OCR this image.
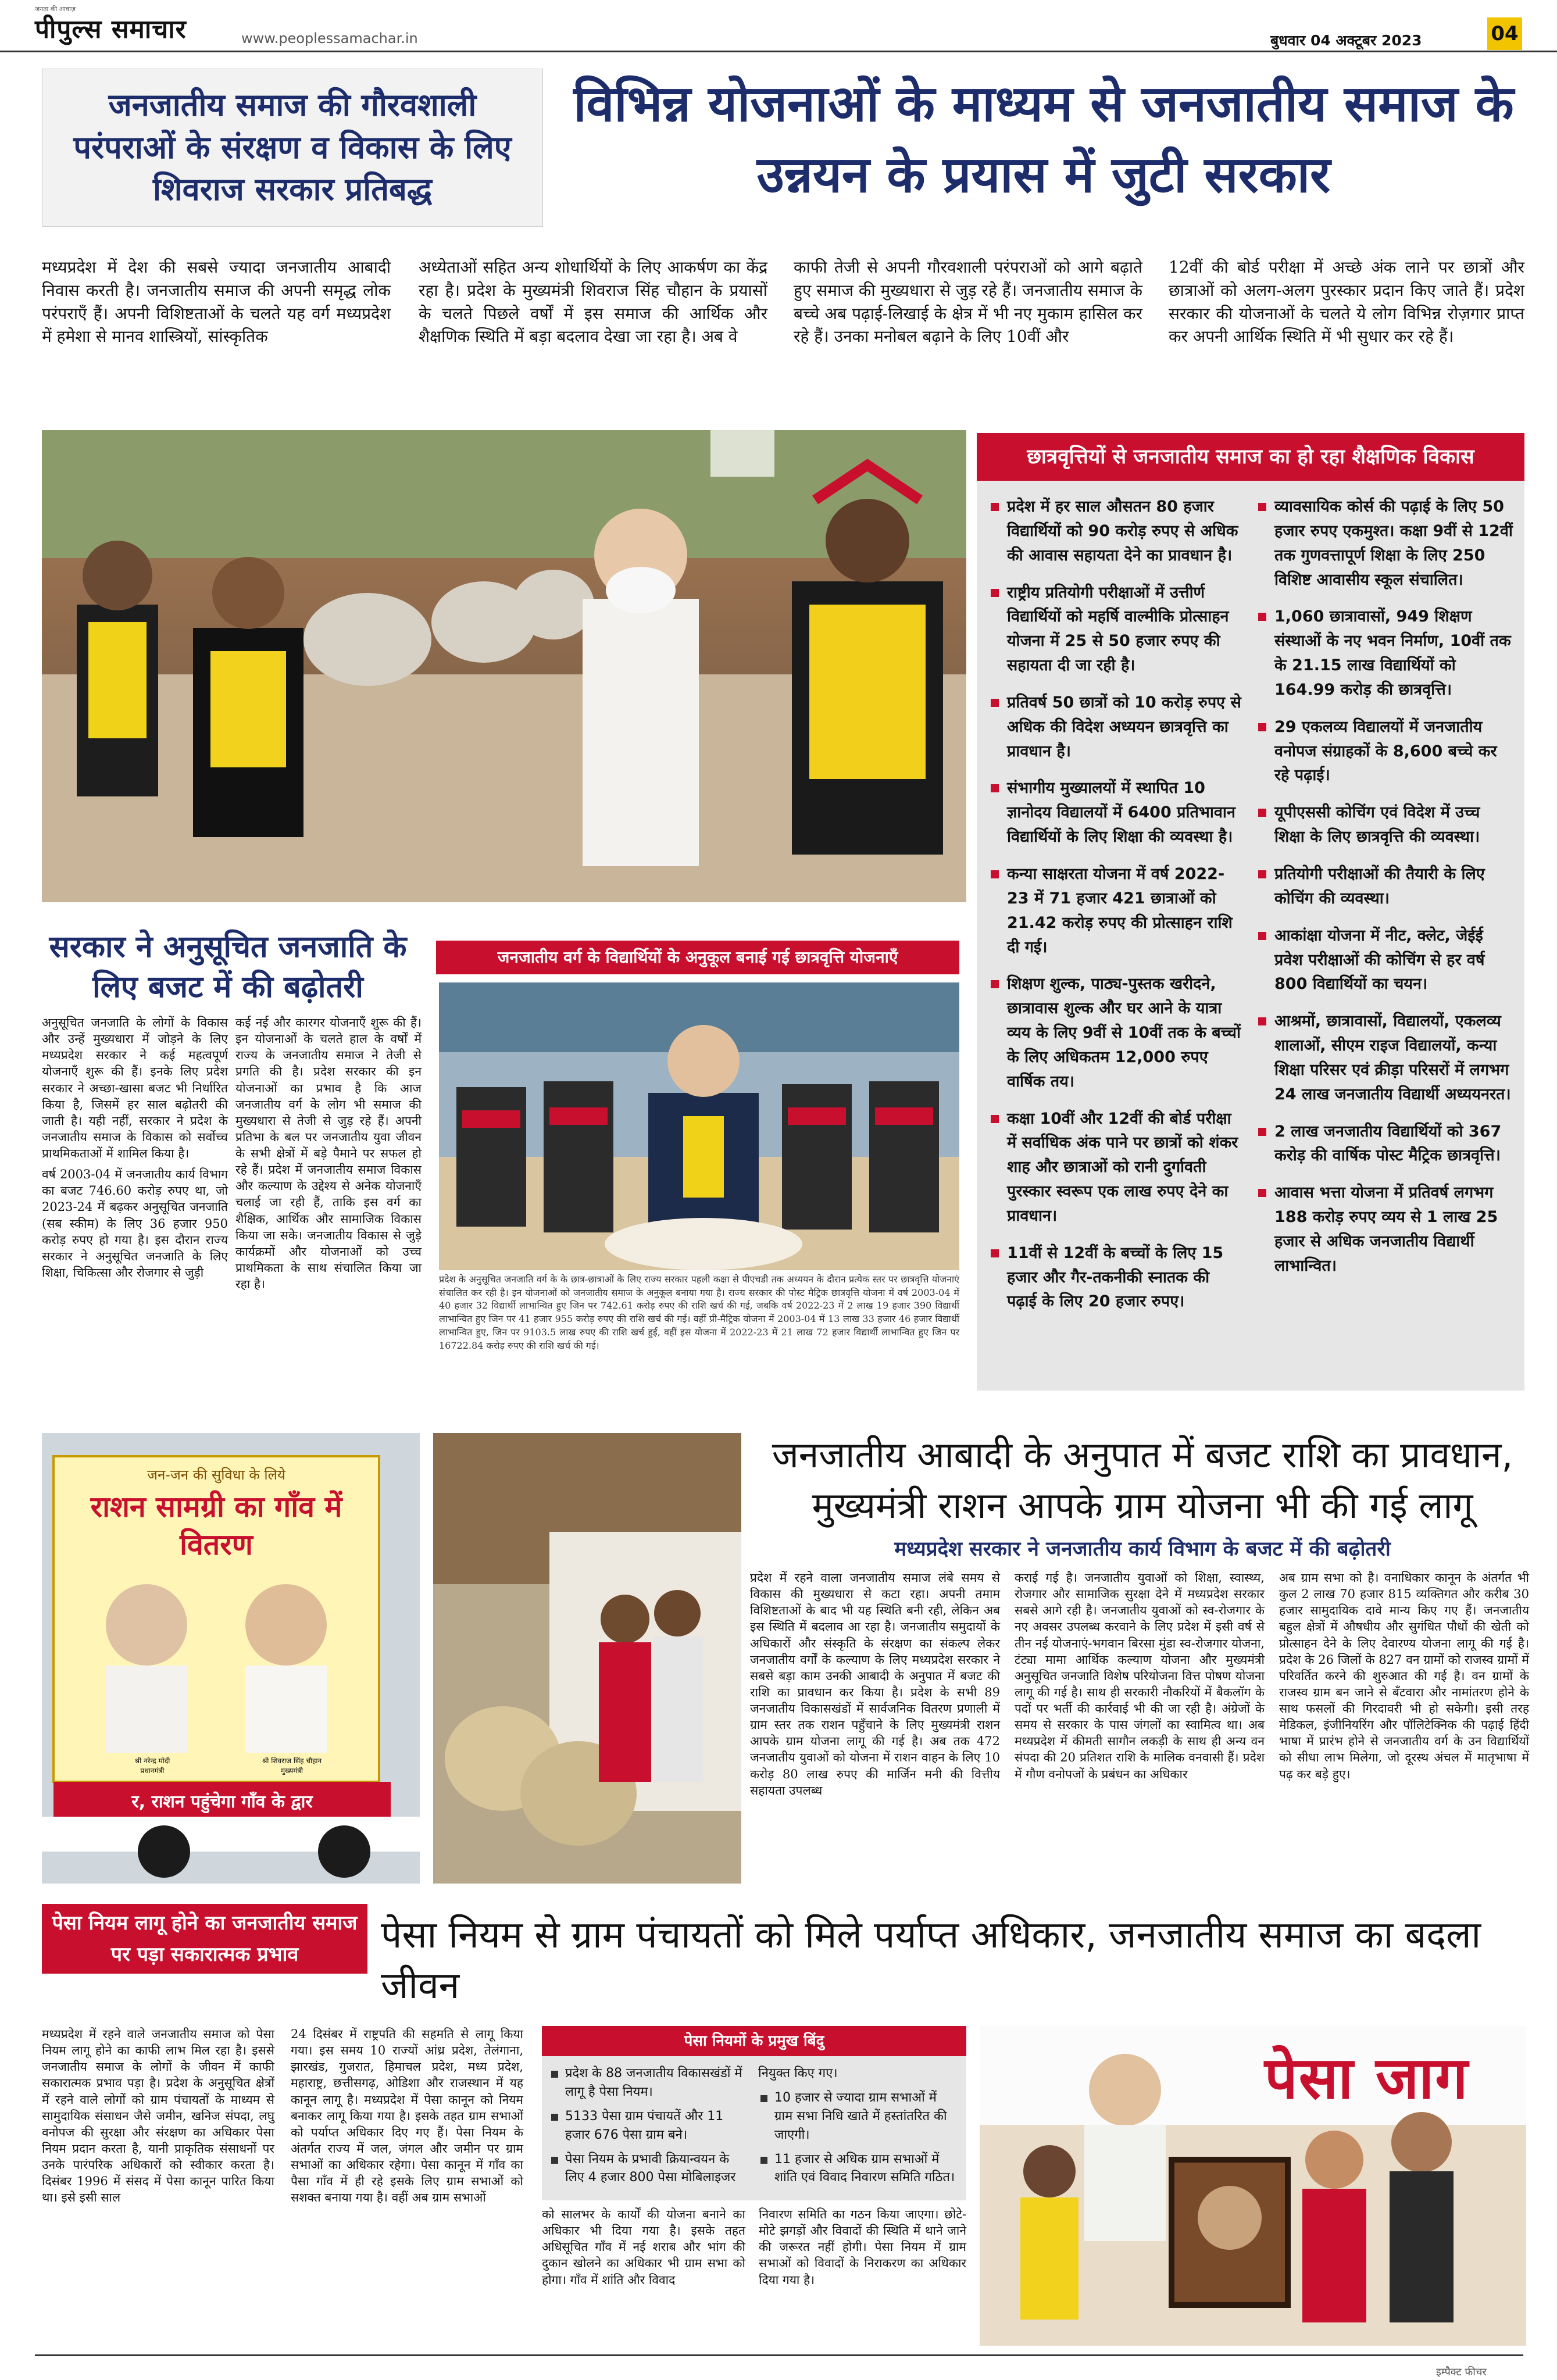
जनता की आवाज़
पीपुल्स समाचार	www.peoplessamachar.in	बुधवार 04 अक्टूबर 2023	04
जनजातीय समाज की गौरवशाली परंपराओं के संरक्षण व विकास के लिए शिवराज सरकार प्रतिबद्ध
विभिन्न योजनाओं के माध्यम से जनजातीय समाज के उन्नयन के प्रयास में जुटी सरकार
मध्यप्रदेश में देश की सबसे ज्यादा जनजातीय आबादी निवास करती है। जनजातीय समाज की अपनी समृद्ध लोक परंपराएँ हैं। अपनी विशिष्टताओं के चलते यह वर्ग मध्यप्रदेश में हमेशा से मानव शास्त्रियों, सांस्कृतिक
अध्येताओं सहित अन्य शोधार्थियों के लिए आकर्षण का केंद्र रहा है। प्रदेश के मुख्यमंत्री शिवराज सिंह चौहान के प्रयासों के चलते पिछले वर्षों में इस समाज की आर्थिक और शैक्षणिक स्थिति में बड़ा बदलाव देखा जा रहा है। अब वे
काफी तेजी से अपनी गौरवशाली परंपराओं को आगे बढ़ाते हुए समाज की मुख्यधारा से जुड़ रहे हैं। जनजातीय समाज के बच्चे अब पढ़ाई-लिखाई के क्षेत्र में भी नए मुकाम हासिल कर रहे हैं। उनका मनोबल बढ़ाने के लिए 10वीं और
12वीं की बोर्ड परीक्षा में अच्छे अंक लाने पर छात्रों और छात्राओं को अलग-अलग पुरस्कार प्रदान किए जाते हैं। प्रदेश सरकार की योजनाओं के चलते ये लोग विभिन्न रोज़गार प्राप्त कर अपनी आर्थिक स्थिति में भी सुधार कर रहे हैं।
छात्रवृत्तियों से जनजातीय समाज का हो रहा शैक्षणिक विकास
प्रदेश में हर साल औसतन 80 हजार विद्यार्थियों को 90 करोड़ रुपए से अधिक की आवास सहायता देने का प्रावधान है।
राष्ट्रीय प्रतियोगी परीक्षाओं में उत्तीर्ण विद्यार्थियों को महर्षि वाल्मीकि प्रोत्साहन योजना में 25 से 50 हजार रुपए की सहायता दी जा रही है।
प्रतिवर्ष 50 छात्रों को 10 करोड़ रुपए से अधिक की विदेश अध्ययन छात्रवृत्ति का प्रावधान है।
संभागीय मुख्यालयों में स्थापित 10 ज्ञानोदय विद्यालयों में 6400 प्रतिभावान विद्यार्थियों के लिए शिक्षा की व्यवस्था है।
कन्या साक्षरता योजना में वर्ष 2022-23 में 71 हजार 421 छात्राओं को 21.42 करोड़ रुपए की प्रोत्साहन राशि दी गई।
शिक्षण शुल्क, पाठ्य-पुस्तक खरीदने, छात्रावास शुल्क और घर आने के यात्रा व्यय के लिए 9वीं से 10वीं तक के बच्चों के लिए अधिकतम 12,000 रुपए वार्षिक तय।
कक्षा 10वीं और 12वीं की बोर्ड परीक्षा में सर्वाधिक अंक पाने पर छात्रों को शंकर शाह और छात्राओं को रानी दुर्गावती पुरस्कार स्वरूप एक लाख रुपए देने का प्रावधान।
11वीं से 12वीं के बच्चों के लिए 15 हजार और गैर-तकनीकी स्नातक की पढ़ाई के लिए 20 हजार रुपए।
व्यावसायिक कोर्स की पढ़ाई के लिए 50 हजार रुपए एकमुश्त। कक्षा 9वीं से 12वीं तक गुणवत्तापूर्ण शिक्षा के लिए 250 विशिष्ट आवासीय स्कूल संचालित।
1,060 छात्रावासों, 949 शिक्षण संस्थाओं के नए भवन निर्माण, 10वीं तक के 21.15 लाख विद्यार्थियों को 164.99 करोड़ की छात्रवृत्ति।
29 एकलव्य विद्यालयों में जनजातीय वनोपज संग्राहकों के 8,600 बच्चे कर रहे पढ़ाई।
यूपीएससी कोचिंग एवं विदेश में उच्च शिक्षा के लिए छात्रवृत्ति की व्यवस्था।
प्रतियोगी परीक्षाओं की तैयारी के लिए कोचिंग की व्यवस्था।
आकांक्षा योजना में नीट, क्लेट, जेईई प्रवेश परीक्षाओं की कोचिंग से हर वर्ष 800 विद्यार्थियों का चयन।
आश्रमों, छात्रावासों, विद्यालयों, एकलव्य शालाओं, सीएम राइज विद्यालयों, कन्या शिक्षा परिसर एवं क्रीड़ा परिसरों में लगभग 24 लाख जनजातीय विद्यार्थी अध्ययनरत।
2 लाख जनजातीय विद्यार्थियों को 367 करोड़ की वार्षिक पोस्ट मैट्रिक छात्रवृत्ति।
आवास भत्ता योजना में प्रतिवर्ष लगभग 188 करोड़ रुपए व्यय से 1 लाख 25 हजार से अधिक जनजातीय विद्यार्थी लाभान्वित।
सरकार ने अनुसूचित जनजाति के लिए बजट में की बढ़ोतरी

अनुसूचित जनजाति के लोगों के विकास और उन्हें मुख्यधारा में जोड़ने के लिए मध्यप्रदेश सरकार ने कई महत्वपूर्ण योजनाएँ शुरू की हैं। इनके लिए प्रदेश सरकार ने अच्छा-खासा बजट भी निर्धारित किया है, जिसमें हर साल बढ़ोतरी की जाती है। यही नहीं, सरकार ने प्रदेश के जनजातीय समाज के विकास को सर्वोच्च प्राथमिकताओं में शामिल किया है।

वर्ष 2003-04 में जनजातीय कार्य विभाग का बजट 746.60 करोड़ रुपए था, जो 2023-24 में बढ़कर अनुसूचित जनजाति (सब स्कीम) के लिए 36 हजार 950 करोड़ रुपए हो गया है। इस दौरान राज्य सरकार ने अनुसूचित जनजाति के लिए शिक्षा, चिकित्सा और रोजगार से जुड़ी

कई नई और कारगर योजनाएँ शुरू की हैं। इन योजनाओं के चलते हाल के वर्षों में राज्य के जनजातीय समाज ने तेजी से प्रगति की है। प्रदेश सरकार की इन योजनाओं का प्रभाव है कि आज जनजातीय वर्ग के लोग भी समाज की मुख्यधारा से तेजी से जुड़ रहे हैं। अपनी प्रतिभा के बल पर जनजातीय युवा जीवन के सभी क्षेत्रों में बड़े पैमाने पर सफल हो रहे हैं। प्रदेश में जनजातीय समाज विकास और कल्याण के उद्देश्य से अनेक योजनाएँ चलाई जा रही हैं, ताकि इस वर्ग का शैक्षिक, आर्थिक और सामाजिक विकास किया जा सके। जनजातीय विकास से जुड़े कार्यक्रमों और योजनाओं को उच्च प्राथमिकता के साथ संचालित किया जा रहा है।
जनजातीय वर्ग के विद्यार्थियों के अनुकूल बनाई गई छात्रवृत्ति योजनाएँ
प्रदेश के अनुसूचित जनजाति वर्ग के के छात्र-छात्राओं के लिए राज्य सरकार पहली कक्षा से पीएचडी तक अध्ययन के दौरान प्रत्येक स्तर पर छात्रवृत्ति योजनाएं संचालित कर रही है। इन योजनाओं को जनजातीय समाज के अनुकूल बनाया गया है। राज्य सरकार की पोस्ट मैट्रिक छात्रवृत्ति योजना में वर्ष 2003-04 में 40 हजार 32 विद्यार्थी लाभान्वित हुए जिन पर 742.61 करोड़ रुपए की राशि खर्च की गई, जबकि वर्ष 2022-23 में 2 लाख 19 हजार 390 विद्यार्थी लाभान्वित हुए जिन पर 41 हजार 955 करोड़ रुपए की राशि खर्च की गई। वहीं प्री-मैट्रिक योजना में 2003-04 में 13 लाख 33 हजार 46 हजार विद्यार्थी लाभान्वित हुए, जिन पर 9103.5 लाख रुपए की राशि खर्च हुई, वहीं इस योजना में 2022-23 में 21 लाख 72 हजार विद्यार्थी लाभान्वित हुए जिन पर 16722.84 करोड़ रुपए की राशि खर्च की गई।
जन-जन की सुविधा के लिये
राशन सामग्री का गाँव में वितरण
श्री नरेन्द्र मोदी
प्रधानमंत्री
श्री शिवराज सिंह चौहान
मुख्यमंत्री
र, राशन पहुंचेगा गाँव के द्वार
जनजातीय आबादी के अनुपात में बजट राशि का प्रावधान, मुख्यमंत्री राशन आपके ग्राम योजना भी की गई लागू
मध्यप्रदेश सरकार ने जनजातीय कार्य विभाग के बजट में की बढ़ोतरी
प्रदेश में रहने वाला जनजातीय समाज लंबे समय से विकास की मुख्यधारा से कटा रहा। अपनी तमाम विशिष्टताओं के बाद भी यह स्थिति बनी रही, लेकिन अब इस स्थिति में बदलाव आ रहा है। जनजातीय समुदायों के अधिकारों और संस्कृति के संरक्षण का संकल्प लेकर जनजातीय वर्गों के कल्याण के लिए मध्यप्रदेश सरकार ने सबसे बड़ा काम उनकी आबादी के अनुपात में बजट की राशि का प्रावधान कर किया है। प्रदेश के सभी 89 जनजातीय विकासखंडों में सार्वजनिक वितरण प्रणाली में ग्राम स्तर तक राशन पहुँचाने के लिए मुख्यमंत्री राशन आपके ग्राम योजना लागू की गई है। अब तक 472 जनजातीय युवाओं को योजना में राशन वाहन के लिए 10 करोड़ 80 लाख रुपए की मार्जिन मनी की वित्तीय सहायता उपलब्ध
कराई गई है। जनजातीय युवाओं को शिक्षा, स्वास्थ्य, रोजगार और सामाजिक सुरक्षा देने में मध्यप्रदेश सरकार सबसे आगे रही है। जनजातीय युवाओं को स्व-रोजगार के नए अवसर उपलब्ध करवाने के लिए प्रदेश में इसी वर्ष से तीन नई योजनाएं-भगवान बिरसा मुंडा स्व-रोजगार योजना, टंट्या मामा आर्थिक कल्याण योजना और मुख्यमंत्री अनुसूचित जनजाति विशेष परियोजना वित्त पोषण योजना लागू की गई है। साथ ही सरकारी नौकरियों में बैकलॉग के पदों पर भर्ती की कार्रवाई भी की जा रही है। अंग्रेजों के समय से सरकार के पास जंगलों का स्वामित्व था। अब मध्यप्रदेश में कीमती सागौन लकड़ी के साथ ही अन्य वन संपदा की 20 प्रतिशत राशि के मालिक वनवासी हैं। प्रदेश में गौण वनोपजों के प्रबंधन का अधिकार
अब ग्राम सभा को है। वनाधिकार कानून के अंतर्गत भी कुल 2 लाख 70 हजार 815 व्यक्तिगत और करीब 30 हजार सामुदायिक दावे मान्य किए गए हैं। जनजातीय बहुल क्षेत्रों में औषधीय और सुगंधित पौधों की खेती को प्रोत्साहन देने के लिए देवारण्य योजना लागू की गई है। प्रदेश के 26 जिलों के 827 वन ग्रामों को राजस्व ग्रामों में परिवर्तित करने की शुरुआत की गई है। वन ग्रामों के राजस्व ग्राम बन जाने से बँटवारा और नामांतरण होने के साथ फसलों की गिरदावरी भी हो सकेगी। इसी तरह मेडिकल, इंजीनियरिंग और पॉलिटेक्निक की पढ़ाई हिंदी भाषा में प्रारंभ होने से जनजातीय वर्ग के उन विद्यार्थियों को सीधा लाभ मिलेगा, जो दूरस्थ अंचल में मातृभाषा में पढ़ कर बड़े हुए।
पेसा नियम लागू होने का जनजातीय समाज पर पड़ा सकारात्मक प्रभाव	पेसा नियम से ग्राम पंचायतों को मिले पर्याप्त अधिकार, जनजातीय समाज का बदला जीवन
मध्यप्रदेश में रहने वाले जनजातीय समाज को पेसा नियम लागू होने का काफी लाभ मिल रहा है। इससे जनजातीय समाज के लोगों के जीवन में काफी सकारात्मक प्रभाव पड़ा है। प्रदेश के अनुसूचित क्षेत्रों में रहने वाले लोगों को ग्राम पंचायतों के माध्यम से सामुदायिक संसाधन जैसे जमीन, खनिज संपदा, लघु वनोपज की सुरक्षा और संरक्षण का अधिकार पेसा नियम प्रदान करता है, यानी प्राकृतिक संसाधनों पर उनके पारंपरिक अधिकारों को स्वीकार करता है। दिसंबर 1996 में संसद में पेसा कानून पारित किया था। इसे इसी साल
24 दिसंबर में राष्ट्रपति की सहमति से लागू किया गया। इस समय 10 राज्यों आंध्र प्रदेश, तेलंगाना, झारखंड, गुजरात, हिमाचल प्रदेश, मध्य प्रदेश, महाराष्ट्र, छत्तीसगढ़, ओडिशा और राजस्थान में यह कानून लागू है। मध्यप्रदेश में पेसा कानून को नियम बनाकर लागू किया गया है। इसके तहत ग्राम सभाओं को पर्याप्त अधिकार दिए गए हैं। पेसा नियम के अंतर्गत राज्य में जल, जंगल और जमीन पर ग्राम सभाओं का अधिकार रहेगा। पेसा कानून में गाँव का पैसा गाँव में ही रहे इसके लिए ग्राम सभाओं को सशक्त बनाया गया है। वहीं अब ग्राम सभाओं
पेसा नियमों के प्रमुख बिंदु
प्रदेश के 88 जनजातीय विकासखंडों में लागू है पेसा नियम।
5133 पेसा ग्राम पंचायतें और 11 हजार 676 पेसा ग्राम बने।
पेसा नियम के प्रभावी क्रियान्वयन के लिए 4 हजार 800 पेसा मोबिलाइजर
नियुक्त किए गए।
10 हजार से ज्यादा ग्राम सभाओं में ग्राम सभा निधि खाते में हस्तांतरित की जाएगी।
11 हजार से अधिक ग्राम सभाओं में शांति एवं विवाद निवारण समिति गठित।
को सालभर के कार्यों की योजना बनाने का अधिकार भी दिया गया है। इसके तहत अधिसूचित गाँव में नई शराब और भांग की दुकान खोलने का अधिकार भी ग्राम सभा को होगा। गाँव में शांति और विवाद
निवारण समिति का गठन किया जाएगा। छोटे-मोटे झगड़ों और विवादों की स्थिति में थाने जाने की जरूरत नहीं होगी। पेसा नियम में ग्राम सभाओं को विवादों के निराकरण का अधिकार दिया गया है।
पेसा जाग
इम्पैक्ट फीचर
